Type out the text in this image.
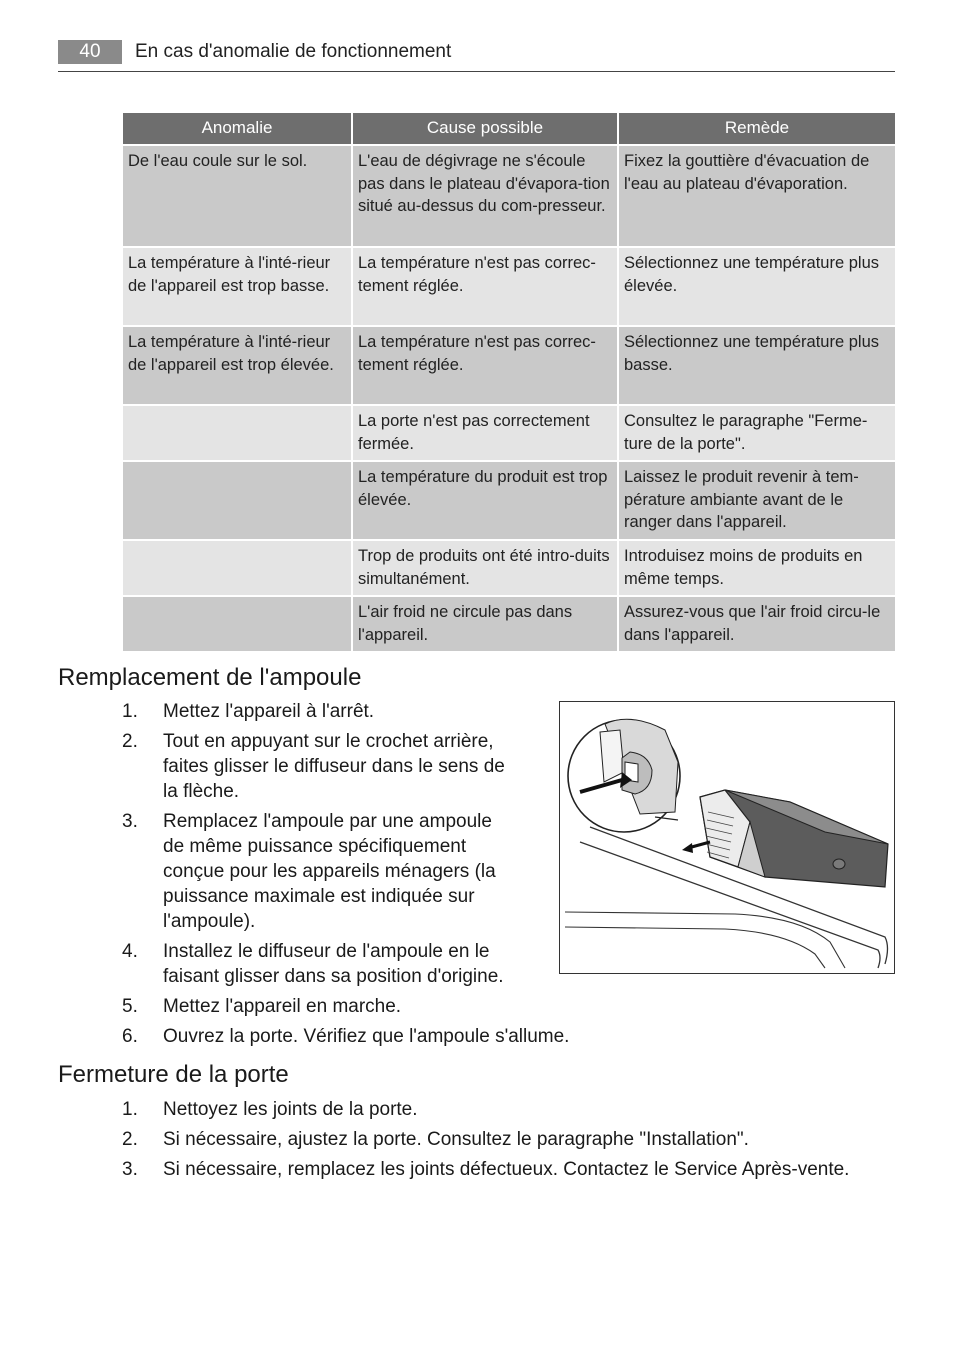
40	En cas d'anomalie de fonctionnement
Anomalie	Cause possible	Remède
De l'eau coule sur le sol.	L'eau de dégivrage ne s'écoule pas dans le plateau d'évapora-tion situé au-dessus du com-presseur.	Fixez la gouttière d'évacuation de l'eau au plateau d'évaporation.
La température à l'inté-rieur de l'appareil est trop basse.	La température n'est pas correc-tement réglée.	Sélectionnez une température plus élevée.
La température à l'inté-rieur de l'appareil est trop élevée.	La température n'est pas correc-tement réglée.	Sélectionnez une température plus basse.
	La porte n'est pas correctement fermée.	Consultez le paragraphe "Ferme-ture de la porte".
	La température du produit est trop élevée.	Laissez le produit revenir à tem-pérature ambiante avant de le ranger dans l'appareil.
	Trop de produits ont été intro-duits simultanément.	Introduisez moins de produits en même temps.
	L'air froid ne circule pas dans l'appareil.	Assurez-vous que l'air froid circu-le dans l'appareil.
Remplacement de l'ampoule
1. Mettez l'appareil à l'arrêt.
2. Tout en appuyant sur le crochet arrière, faites glisser le diffuseur dans le sens de la flèche.
3. Remplacez l'ampoule par une ampoule de même puissance spécifiquement conçue pour les appareils ménagers (la puissance maximale est indiquée sur l'ampoule).
4. Installez le diffuseur de l'ampoule en le faisant glisser dans sa position d'origine.
5. Mettez l'appareil en marche.
6. Ouvrez la porte. Vérifiez que l'ampoule s'allume.
Fermeture de la porte
1. Nettoyez les joints de la porte.
2. Si nécessaire, ajustez la porte. Consultez le paragraphe "Installation".
3. Si nécessaire, remplacez les joints défectueux. Contactez le Service Après-vente.
